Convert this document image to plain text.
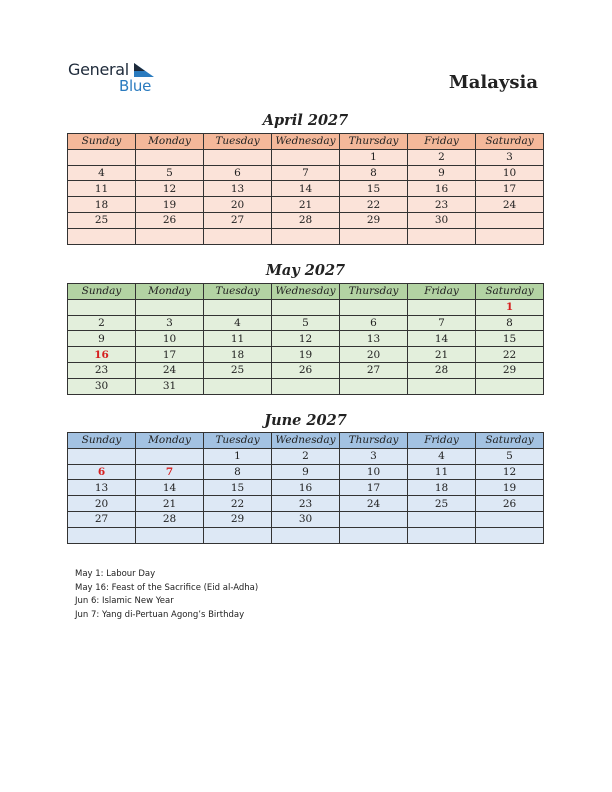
General
Blue	Malaysia
April 2027
Sunday	Monday	Tuesday	Wednesday	Thursday	Friday	Saturday
				1	2	3
4	5	6	7	8	9	10
11	12	13	14	15	16	17
18	19	20	21	22	23	24
25	26	27	28	29	30	

May 2027
Sunday	Monday	Tuesday	Wednesday	Thursday	Friday	Saturday
						1
2	3	4	5	6	7	8
9	10	11	12	13	14	15
16	17	18	19	20	21	22
23	24	25	26	27	28	29
30	31					
June 2027
Sunday	Monday	Tuesday	Wednesday	Thursday	Friday	Saturday
		1	2	3	4	5
6	7	8	9	10	11	12
13	14	15	16	17	18	19
20	21	22	23	24	25	26
27	28	29	30			

May 1: Labour Day
May 16: Feast of the Sacrifice (Eid al-Adha)
Jun 6: Islamic New Year
Jun 7: Yang di-Pertuan Agong’s Birthday
